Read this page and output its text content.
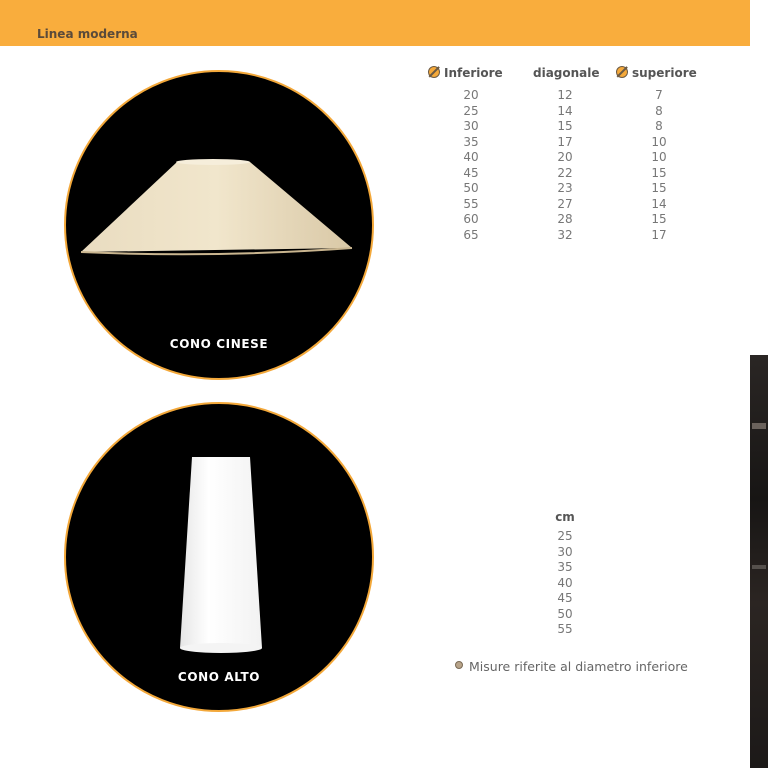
Linea moderna
CONO CINESE
CONO ALTO
Inferiore	diagonale	superiore
20
25
30
35
40
45
50
55
60
65
12
14
15
17
20
22
23
27
28
32
7
8
8
10
10
15
15
14
15
17
cm
25
30
35
40
45
50
55
Misure riferite al diametro inferiore
